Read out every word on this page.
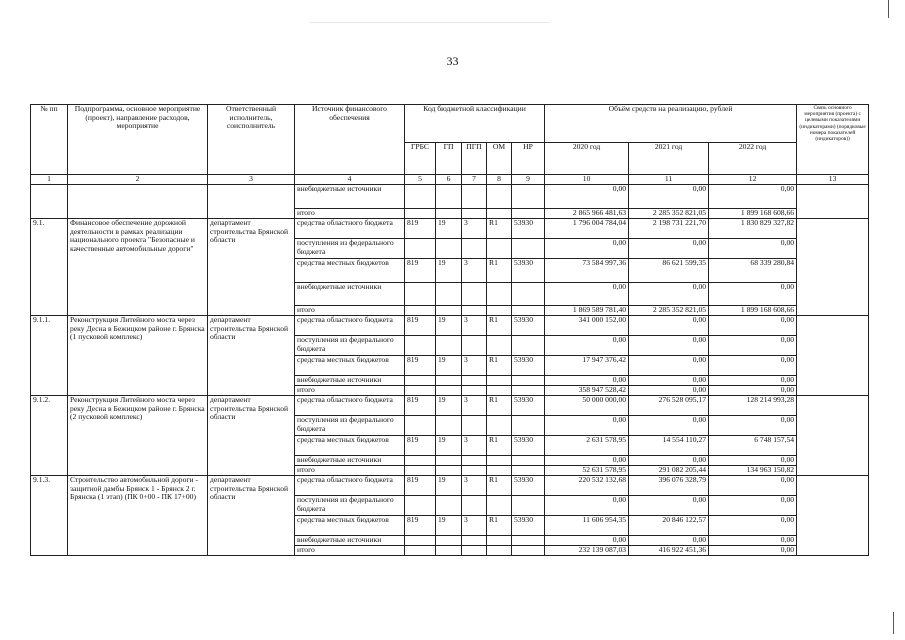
33
№ пп	Подпрограмма, основное мероприятие (проект), направление расходов, мероприятие	Ответственный исполнитель, соисполнитель	Источник финансового обеспечения	Код бюджетной классификации					Объём средств на реализацию, рублей			Связь основного мероприятия (проекта) с целевыми показателями (индикаторами) (порядковые номера показателей (индикаторов))
				ГРБС	ГП	ПГП	ОМ	НР	2020 год	2021 год	2022 год	
1	2	3	4	5	6	7	8	9	10	11	12	13
			внебюджетные источники						0,00	0,00	0,00	
			итого						2 865 966 481,63	2 285 352 821,05	1 899 168 608,66	
9.1.	Финансовое обеспечение дорожной деятельности в рамках реализации национального проекта "Безопасные и качественные автомобильные дороги"	департамент строительства Брянской области	средства областного бюджета	819	19	3	R1	53930	1 796 004 784,04	2 198 731 221,70	1 830 829 327,82	
			поступления из федерального бюджета						0,00	0,00	0,00	
			средства местных бюджетов	819	19	3	R1	53930	73 584 997,36	86 621 599,35	68 339 280,84	
			внебюджетные источники						0,00	0,00	0,00	
			итого						1 869 589 781,40	2 285 352 821,05	1 899 168 608,66	
9.1.1.	Реконструкция Литейного моста через реку Десна в Бежицком районе г. Брянска (1 пусковой комплекс)	департамент строительства Брянской области	средства областного бюджета	819	19	3	R1	53930	341 000 152,00	0,00	0,00	
			поступления из федерального бюджета						0,00	0,00	0,00	
			средства местных бюджетов	819	19	3	R1	53930	17 947 376,42	0,00	0,00	
			внебюджетные источники						0,00	0,00	0,00	
			итого						358 947 528,42	0,00	0,00	
9.1.2.	Реконструкция Литейного моста через реку Десна в Бежицком районе г. Брянска (2 пусковой комплекс)	департамент строительства Брянской области	средства областного бюджета	819	19	3	R1	53930	50 000 000,00	276 528 095,17	128 214 993,28	
			поступления из федерального бюджета						0,00	0,00	0,00	
			средства местных бюджетов	819	19	3	R1	53930	2 631 578,95	14 554 110,27	6 748 157,54	
			внебюджетные источники						0,00	0,00	0,00	
			итого						52 631 578,95	291 082 205,44	134 963 150,82	
9.1.3.	Строительство автомобильной дороги - защитной дамбы Брянск 1 - Брянск 2 г. Брянска (1 этап) (ПК 0+00 - ПК 17+00)	департамент строительства Брянской области	средства областного бюджета	819	19	3	R1	53930	220 532 132,68	396 076 328,79	0,00	
			поступления из федерального бюджета						0,00	0,00	0,00	
			средства местных бюджетов	819	19	3	R1	53930	11 606 954,35	20 846 122,57	0,00	
			внебюджетные источники						0,00	0,00	0,00	
			итого						232 139 087,03	416 922 451,36	0,00	
